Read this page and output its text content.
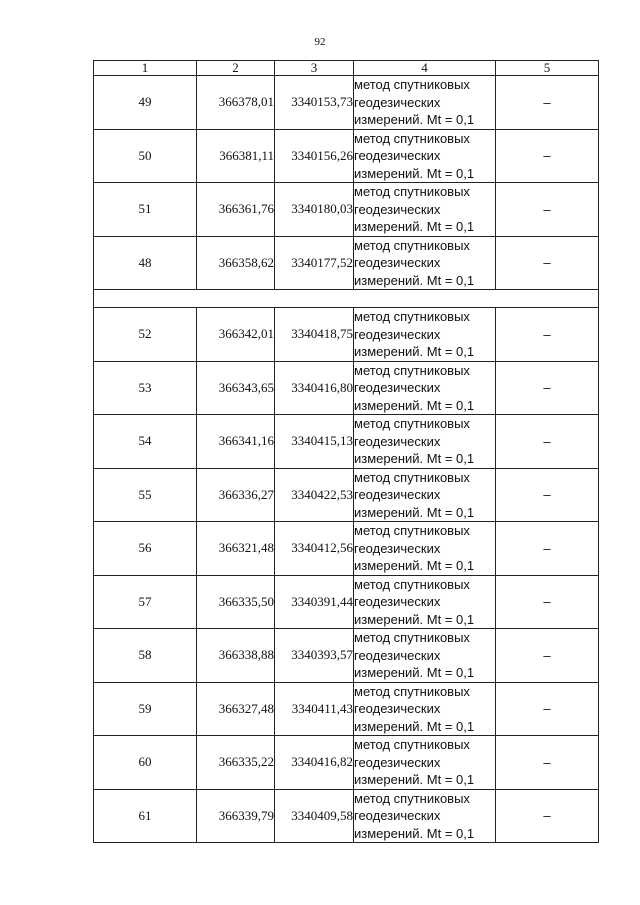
92
1	2	3	4	5
49	366378,01	3340153,73	метод спутниковых
геодезических
измерений. Mt = 0,1	–
50	366381,11	3340156,26	метод спутниковых
геодезических
измерений. Mt = 0,1	–
51	366361,76	3340180,03	метод спутниковых
геодезических
измерений. Mt = 0,1	–
48	366358,62	3340177,52	метод спутниковых
геодезических
измерений. Mt = 0,1	–

52	366342,01	3340418,75	метод спутниковых
геодезических
измерений. Mt = 0,1	–
53	366343,65	3340416,80	метод спутниковых
геодезических
измерений. Mt = 0,1	–
54	366341,16	3340415,13	метод спутниковых
геодезических
измерений. Mt = 0,1	–
55	366336,27	3340422,53	метод спутниковых
геодезических
измерений. Mt = 0,1	–
56	366321,48	3340412,56	метод спутниковых
геодезических
измерений. Mt = 0,1	–
57	366335,50	3340391,44	метод спутниковых
геодезических
измерений. Mt = 0,1	–
58	366338,88	3340393,57	метод спутниковых
геодезических
измерений. Mt = 0,1	–
59	366327,48	3340411,43	метод спутниковых
геодезических
измерений. Mt = 0,1	–
60	366335,22	3340416,82	метод спутниковых
геодезических
измерений. Mt = 0,1	–
61	366339,79	3340409,58	метод спутниковых
геодезических
измерений. Mt = 0,1	–
